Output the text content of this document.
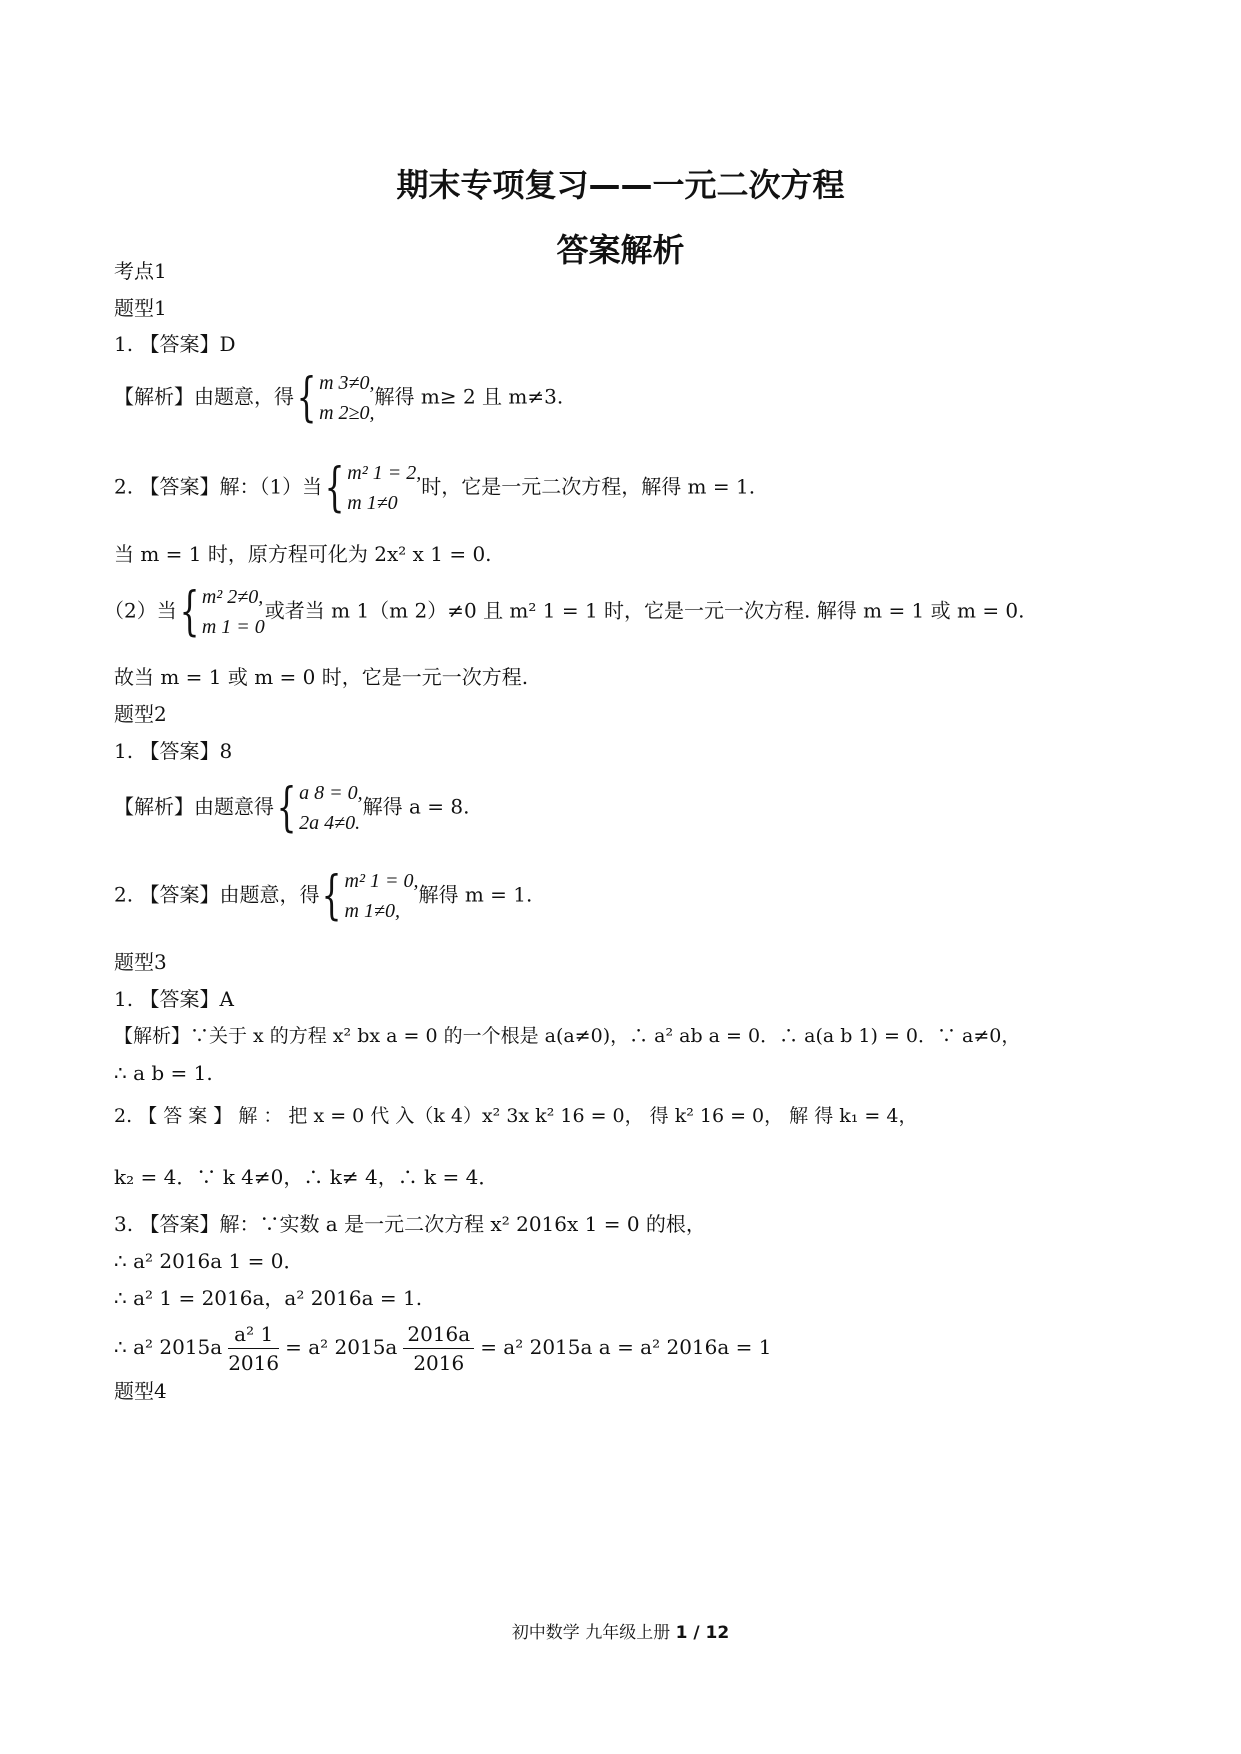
期末专项复习——一元二次方程
答案解析
考点1
题型1
1. 【答案】D
【解析】由题意，得{ m 3≠0,
m 2≥0,
解得 m≥ 2 且 m≠3.
2. 【答案】解：（1）当{ m² 1 = 2,
m 1≠0
时，它是一元二次方程，解得 m = 1.
当 m = 1 时，原方程可化为 2x² x 1 = 0.
（2）当{ m² 2≠0,
m 1 = 0
或者当 m 1（m 2）≠0 且 m² 1 = 1 时，它是一元一次方程. 解得 m = 1 或 m = 0.
故当 m = 1 或 m = 0 时，它是一元一次方程.
题型2
1. 【答案】8
【解析】由题意得{ a 8 = 0,
2a 4≠0.
解得 a = 8.
2. 【答案】由题意，得{ m² 1 = 0,
m 1≠0,
解得 m = 1.
题型3
1. 【答案】A
【解析】∵关于 x 的方程 x² bx a = 0 的一个根是 a(a≠0)，∴ a² ab a = 0．∴ a(a b 1) = 0．∵ a≠0，
∴ a b = 1.
2. 【 答 案 】 解 ： 把 x = 0 代 入（k 4）x² 3x k² 16 = 0， 得 k² 16 = 0， 解 得 k₁ = 4，
k₂ = 4．∵ k 4≠0，∴ k≠ 4，∴ k = 4．
3. 【答案】解：∵实数 a 是一元二次方程 x² 2016x 1 = 0 的根，
∴ a² 2016a 1 = 0．
∴ a² 1 = 2016a，a² 2016a = 1.
∴ a² $2015a \frac{\text{a² 1}}{2016} = a^2$ $2015a \frac{2016a}{2016} = a^2$ 2015a a = a² 2016a = 1
题型4
初中数学 九年级上册 1 / 12
